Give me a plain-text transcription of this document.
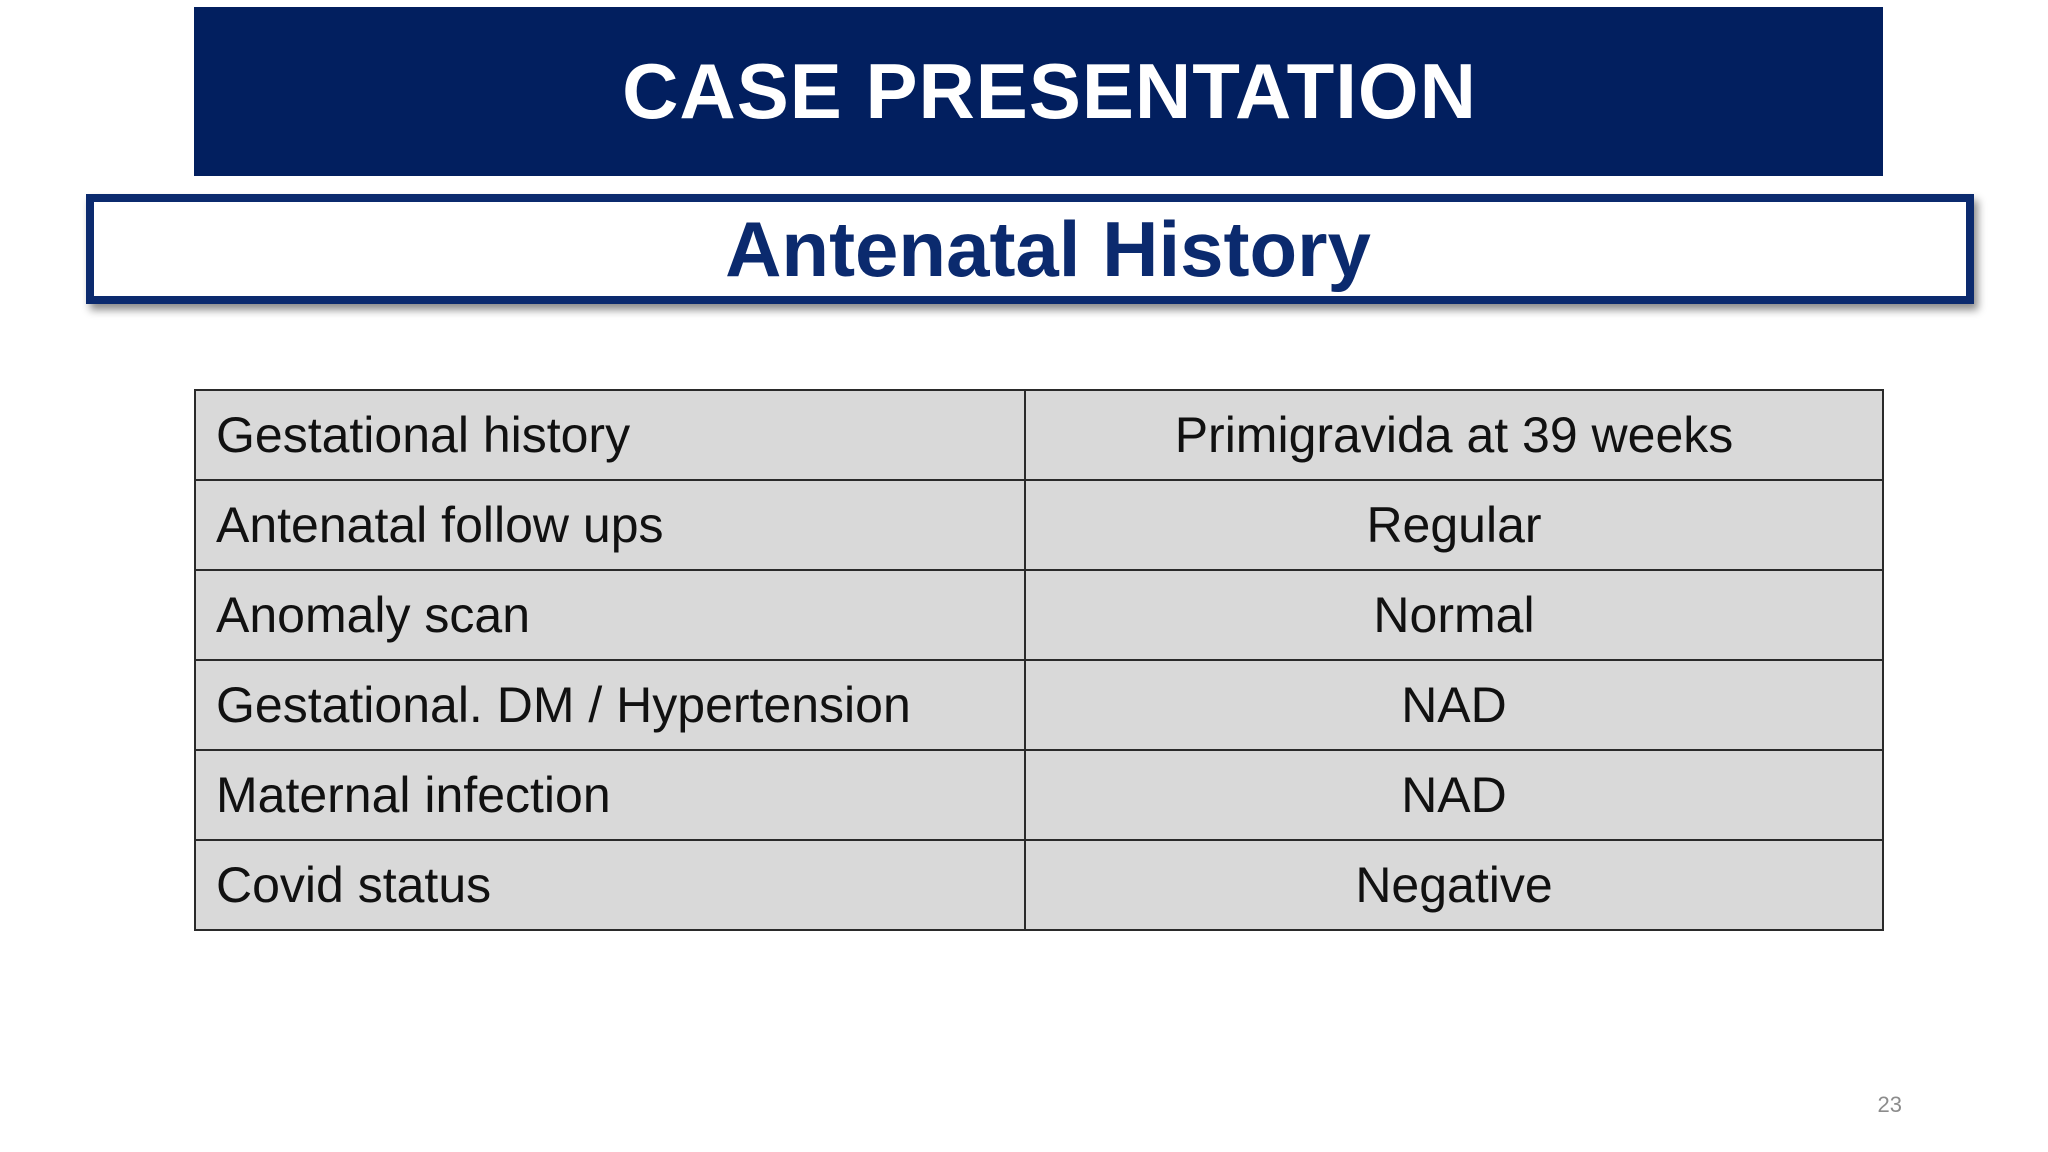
CASE PRESENTATION
Antenatal History
Gestational history	Primigravida at 39 weeks
Antenatal follow ups	Regular
Anomaly scan	Normal
Gestational. DM / Hypertension	NAD
Maternal infection	NAD
Covid status	Negative
23
